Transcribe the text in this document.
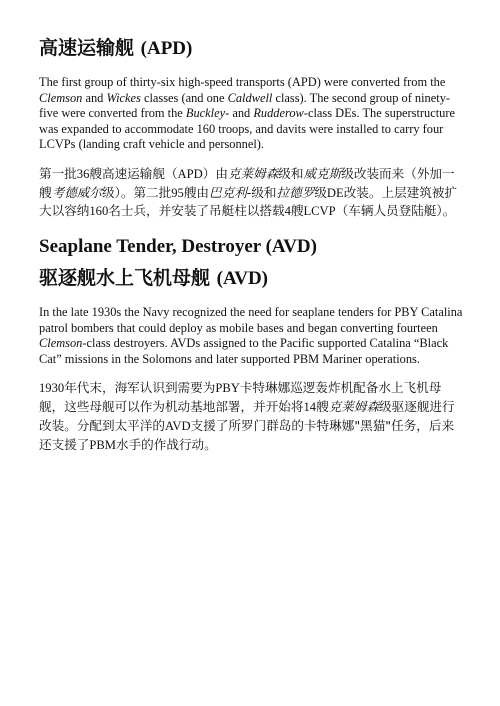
高速运输舰 (APD)

The first group of thirty-six high-speed transports (APD) were converted from the Clemson and Wickes classes (and one Caldwell class). The second group of ninety-five were converted from the Buckley- and Rudderow-class DEs. The superstructure was expanded to accommodate 160 troops, and davits were installed to carry four LCVPs (landing craft vehicle and personnel).

第一批36艘高速运输舰（APD）由克莱姆森级和威克斯级改装而来（外加一艘考德威尔级）。第二批95艘由巴克利-级和拉德罗级DE改装。上层建筑被扩大以容纳160名士兵，并安装了吊艇柱以搭载4艘LCVP（车辆人员登陆艇）。

Seaplane Tender, Destroyer (AVD)
驱逐舰水上飞机母舰 (AVD)

In the late 1930s the Navy recognized the need for seaplane tenders for PBY Catalina patrol bombers that could deploy as mobile bases and began converting fourteen Clemson-class destroyers. AVDs assigned to the Pacific supported Catalina “Black Cat” missions in the Solomons and later supported PBM Mariner operations.

1930年代末，海军认识到需要为PBY卡特琳娜巡逻轰炸机配备水上飞机母舰，这些母舰可以作为机动基地部署，并开始将14艘克莱姆森级驱逐舰进行改装。分配到太平洋的AVD支援了所罗门群岛的卡特琳娜"黑猫"任务，后来还支援了PBM水手的作战行动。
